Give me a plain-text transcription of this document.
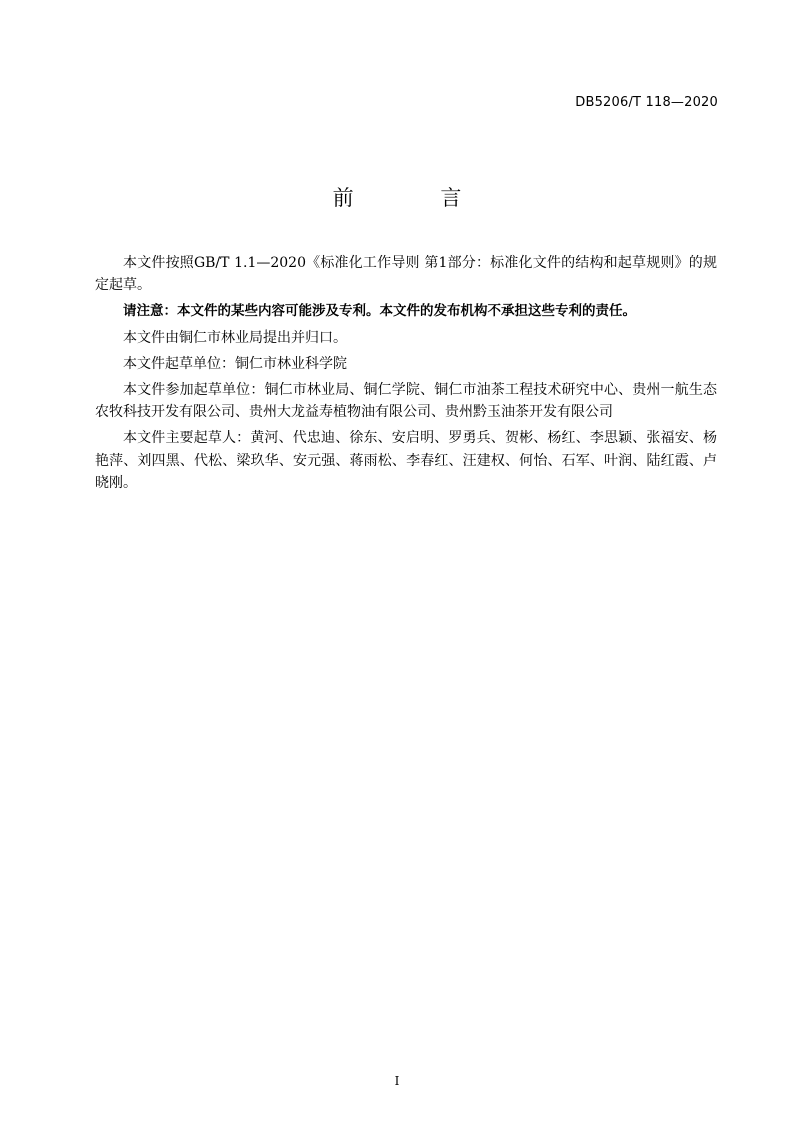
DB5206/T 118—2020
前 言

本文件按照GB/T 1.1—2020《标准化工作导则 第1部分：标准化文件的结构和起草规则》的规定起草。

请注意：本文件的某些内容可能涉及专利。本文件的发布机构不承担这些专利的责任。

本文件由铜仁市林业局提出并归口。

本文件起草单位：铜仁市林业科学院

本文件参加起草单位：铜仁市林业局、铜仁学院、铜仁市油茶工程技术研究中心、贵州一航生态农牧科技开发有限公司、贵州大龙益寿植物油有限公司、贵州黔玉油茶开发有限公司

本文件主要起草人：黄河、代忠迪、徐东、安启明、罗勇兵、贺彬、杨红、李思颖、张福安、杨艳萍、刘四黑、代松、梁玖华、安元强、蒋雨松、李春红、汪建权、何怡、石军、叶润、陆红霞、卢晓刚。

I
